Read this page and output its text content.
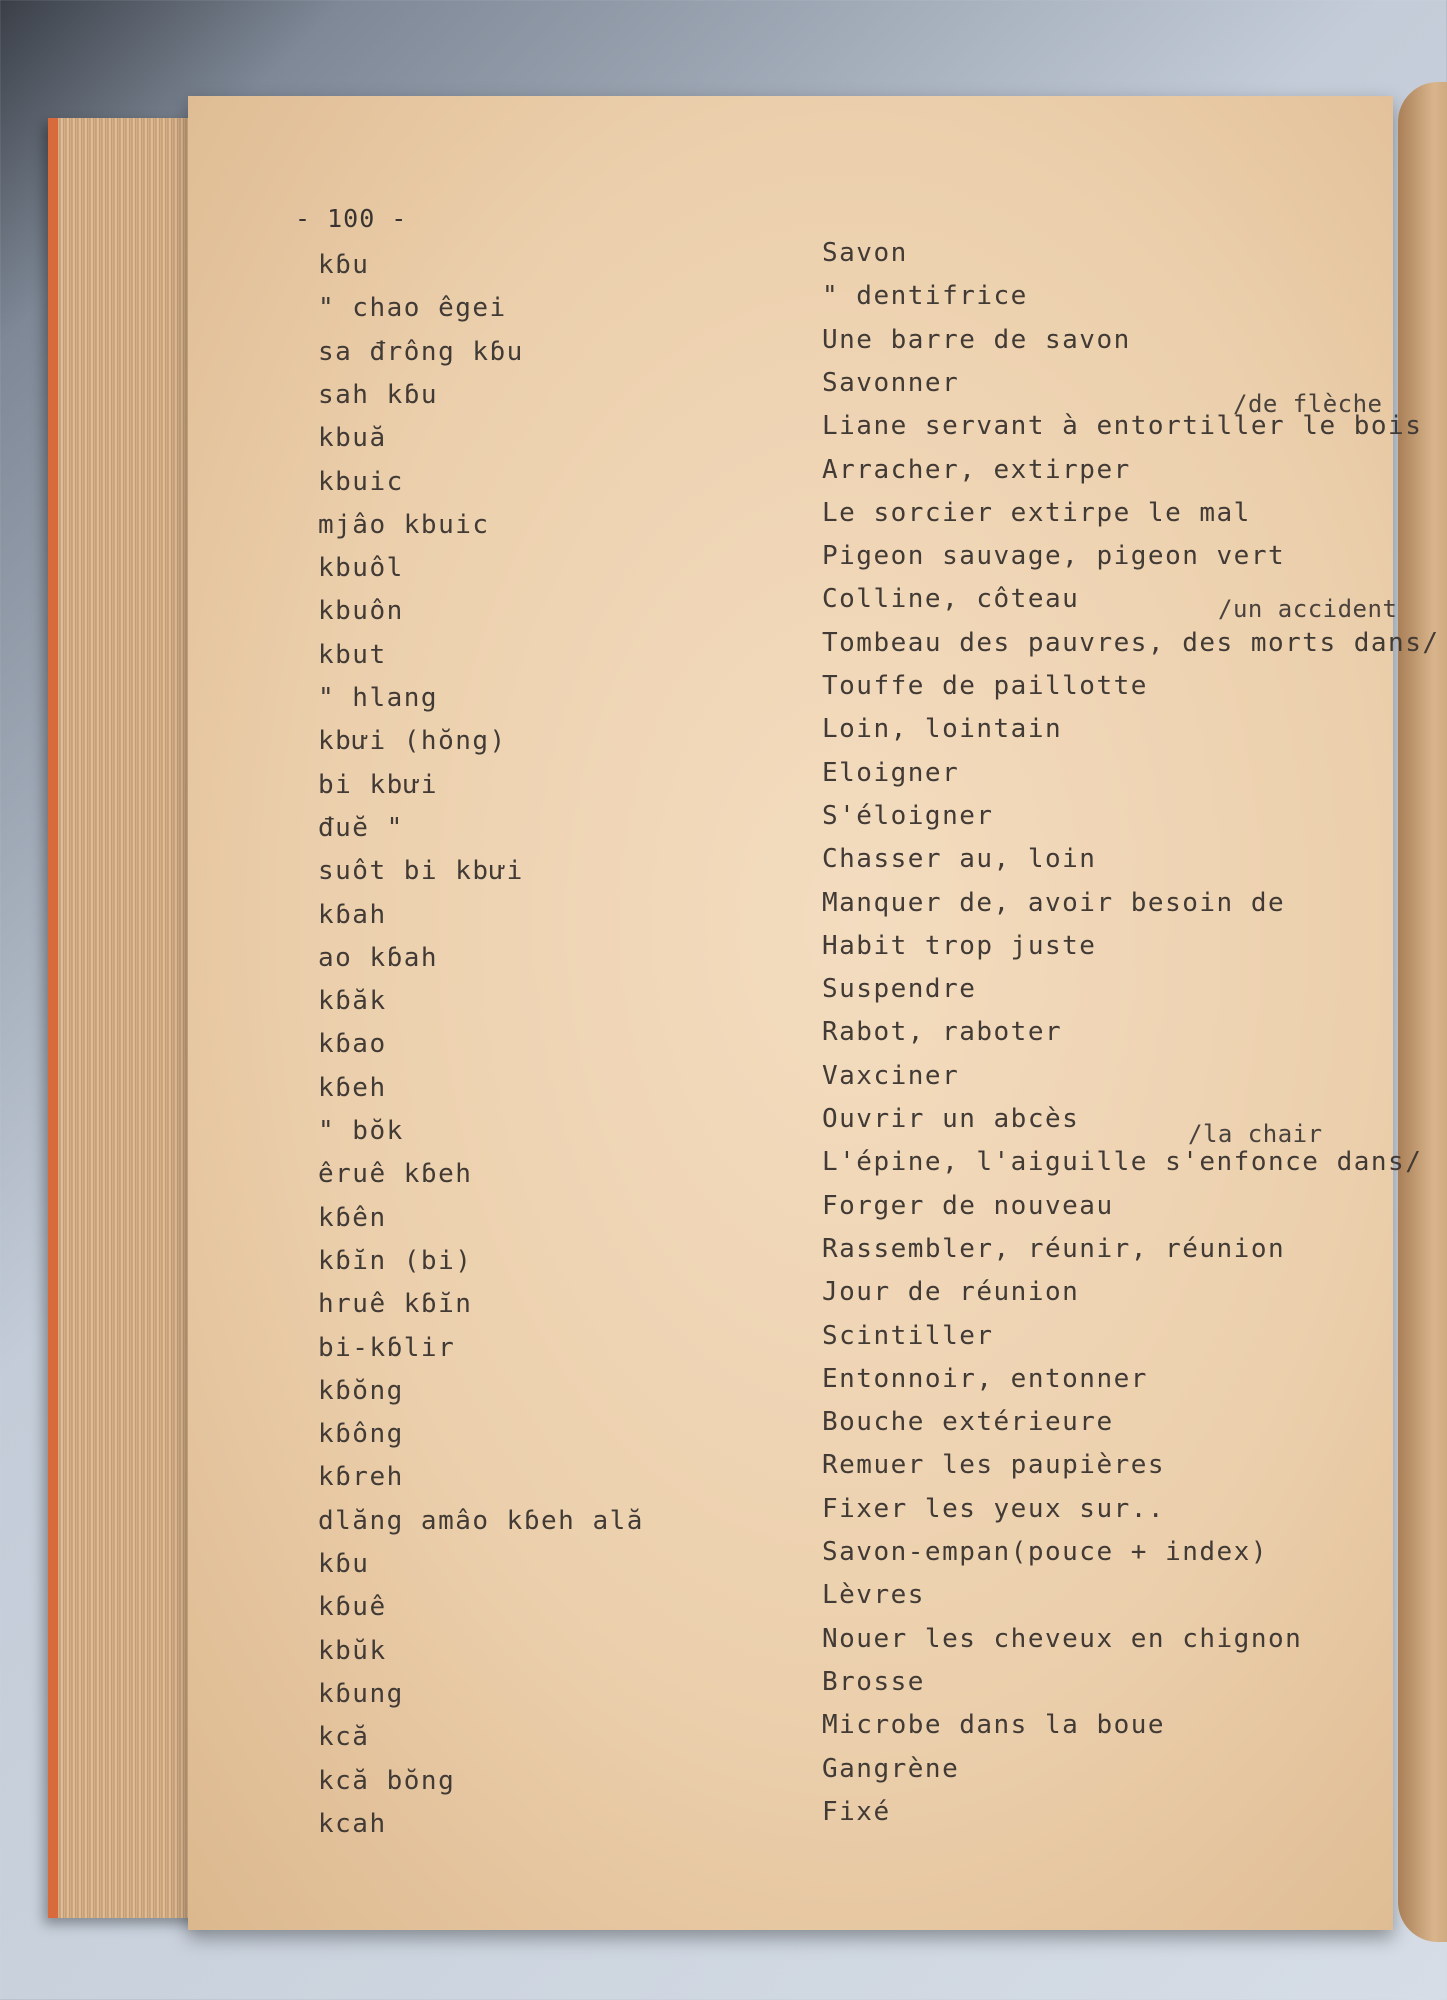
- 100 -
kɓu	Savon
" chao êgei	" dentifrice
sa đrông kɓu	Une barre de savon
sah kɓu	Savonner
kbuă	Liane servant à entortiller le bois
kbuic	Arracher, extirper
mjâo kbuic	Le sorcier extirpe le mal
kbuôl	Pigeon sauvage, pigeon vert
kbuôn	Colline, côteau
kbut	Tombeau des pauvres, des morts dans/
" hlang	Touffe de paillotte
kbưi (hŏng)	Loin, lointain
bi kbưi	Eloigner
đuĕ "	S'éloigner
suôt bi kbưi	Chasser au, loin
kɓah	Manquer de, avoir besoin de
ao kɓah	Habit trop juste
kɓăk	Suspendre
kɓao	Rabot, raboter
kɓeh	Vaxciner
" bŏk	Ouvrir un abcès
êruê kɓeh	L'épine, l'aiguille s'enfonce dans/
kɓên	Forger de nouveau
kɓĭn (bi)	Rassembler, réunir, réunion
hruê kɓĭn	Jour de réunion
bi-kɓlir	Scintiller
kɓŏng	Entonnoir, entonner
kɓông	Bouche extérieure
kɓreh	Remuer les paupières
dlăng amâo kɓeh ală	Fixer les yeux sur..
kɓu	Savon-empan(pouce + index)
kɓuê	Lèvres
kbŭk	Nouer les cheveux en chignon
kɓung	Brosse
kcă	Microbe dans la boue
kcă bŏng	Gangrène
kcah	Fixé
/de flèche
/un accident
/la chair
